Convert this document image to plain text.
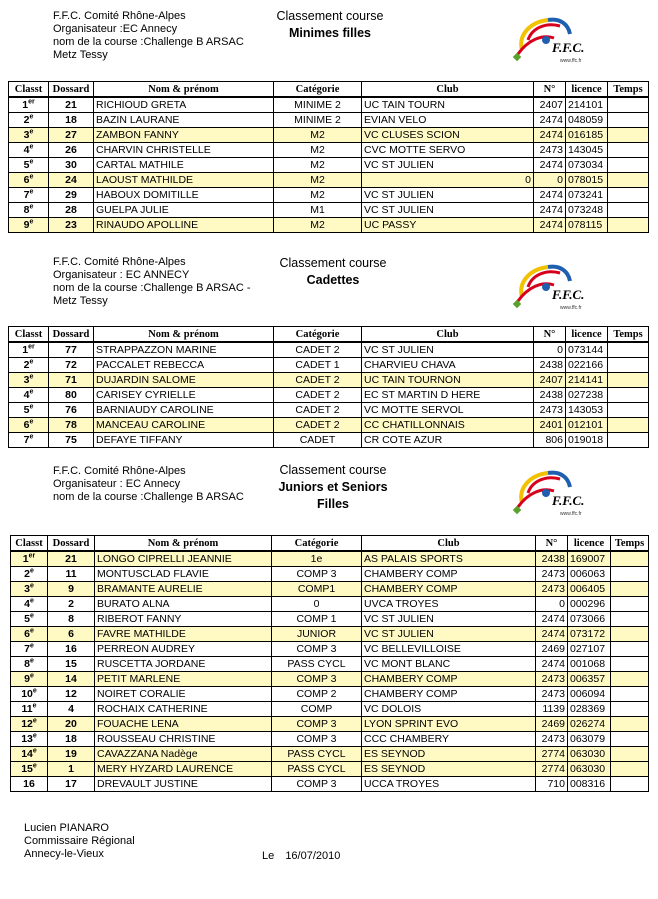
F.F.C. Comité Rhône-Alpes
Organisateur :EC Annecy
nom de la course :Challenge B ARSAC
Metz Tessy
Classement course
Minimes filles
F.F.C.
www.ffc.fr
Classt	Dossard	Nom & prénom	Catégorie	Club	N°	licence	Temps
1er	21	RICHIOUD GRETA	MINIME 2	UC TAIN TOURN	2407	214101	
2e	18	BAZIN LAURANE	MINIME 2	EVIAN VELO	2474	048059	
3e	27	ZAMBON FANNY	M2	VC CLUSES SCION	2474	016185	
4e	26	CHARVIN CHRISTELLE	M2	CVC MOTTE SERVO	2473	143045	
5e	30	CARTAL MATHILE	M2	VC ST JULIEN	2474	073034	
6e	24	LAOUST MATHILDE	M2	0	0	078015	
7e	29	HABOUX DOMITILLE	M2	VC ST JULIEN	2474	073241	
8e	28	GUELPA JULIE	M1	VC ST JULIEN	2474	073248	
9e	23	RINAUDO APOLLINE	M2	UC PASSY	2474	078115	
F.F.C. Comité Rhône-Alpes
Organisateur : EC ANNECY
nom de la course :Challenge B ARSAC -
Metz Tessy
Classement course
Cadettes
F.F.C.
www.ffc.fr
Classt	Dossard	Nom & prénom	Catégorie	Club	N°	licence	Temps
1er	77	STRAPPAZZON MARINE	CADET 2	VC ST JULIEN	0	073144	
2e	72	PACCALET REBECCA	CADET 1	CHARVIEU CHAVA	2438	022166	
3e	71	DUJARDIN SALOME	CADET 2	UC TAIN TOURNON	2407	214141	
4e	80	CARISEY CYRIELLE	CADET 2	EC ST MARTIN D HERE	2438	027238	
5e	76	BARNIAUDY CAROLINE	CADET 2	VC MOTTE SERVOL	2473	143053	
6e	78	MANCEAU CAROLINE	CADET 2	CC CHATILLONNAIS	2401	012101	
7e	75	DEFAYE TIFFANY	CADET	CR COTE AZUR	806	019018	
F.F.C. Comité Rhône-Alpes
Organisateur : EC Annecy
nom de la course :Challenge B ARSAC
Classement course
Juniors et Seniors
Filles	F.F.C.
www.ffc.fr
Classt	Dossard	Nom & prénom	Catégorie	Club	N°	licence	Temps
1er	21	LONGO CIPRELLI JEANNIE	1e	AS PALAIS SPORTS	2438	169007	
2e	11	MONTUSCLAD FLAVIE	COMP 3	CHAMBERY COMP	2473	006063	
3e	9	BRAMANTE AURELIE	COMP1	CHAMBERY COMP	2473	006405	
4e	2	BURATO ALNA	0	UVCA TROYES	0	000296	
5e	8	RIBEROT FANNY	COMP 1	VC ST JULIEN	2474	073066	
6e	6	FAVRE MATHILDE	JUNIOR	VC ST JULIEN	2474	073172	
7e	16	PERREON AUDREY	COMP 3	VC BELLEVILLOISE	2469	027107	
8e	15	RUSCETTA JORDANE	PASS CYCL	VC MONT BLANC	2474	001068	
9e	14	PETIT MARLENE	COMP 3	CHAMBERY COMP	2473	006357	
10e	12	NOIRET CORALIE	COMP 2	CHAMBERY COMP	2473	006094	
11e	4	ROCHAIX CATHERINE	COMP	VC DOLOIS	1139	028369	
12e	20	FOUACHE LENA	COMP 3	LYON SPRINT EVO	2469	026274	
13e	18	ROUSSEAU CHRISTINE	COMP 3	CCC CHAMBERY	2473	063079	
14e	19	CAVAZZANA Nadège	PASS CYCL	ES SEYNOD	2774	063030	
15e	1	MERY HYZARD LAURENCE	PASS CYCL	ES SEYNOD	2774	063030	
16	17	DREVAULT JUSTINE	COMP 3	UCCA TROYES	710	008316	
Lucien PIANARO
Commissaire Régional
Annecy-le-Vieux	Le 16/07/2010
